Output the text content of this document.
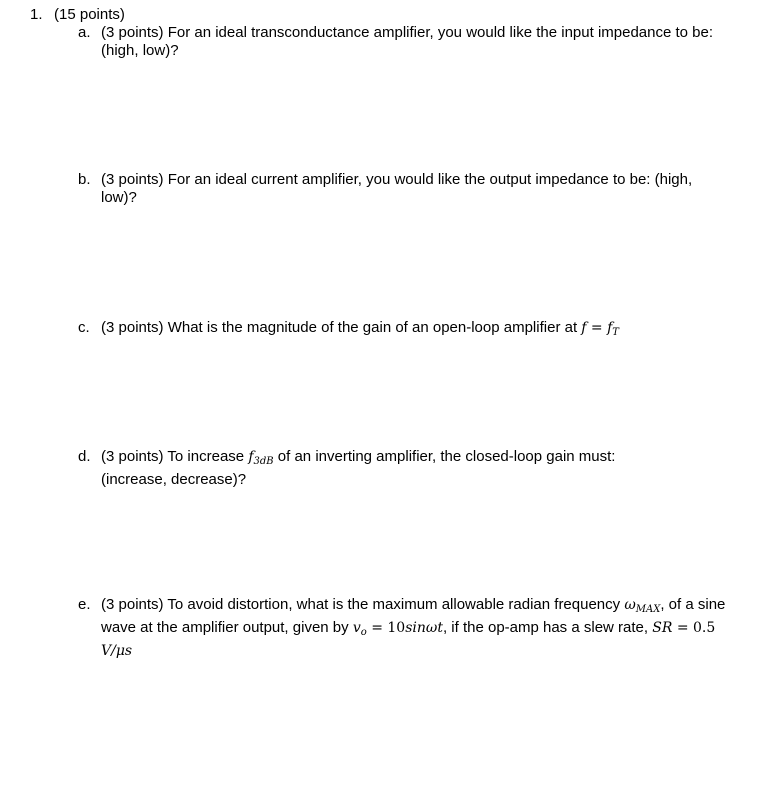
1. (15 points)
a. (3 points) For an ideal transconductance amplifier, you would like the input impedance to be: (high, low)?
b. (3 points) For an ideal current amplifier, you would like the output impedance to be: (high, low)?
c. (3 points) What is the magnitude of the gain of an open-loop amplifier at $f = f_T$
d. (3 points) To increase $f_{3dB}$ of an inverting amplifier, the closed-loop gain must: (increase, decrease)?
e. (3 points) To avoid distortion, what is the maximum allowable radian frequency $\omega_{MAX}$, of a sine wave at the amplifier output, given by $v_o = 10\sin\omega t$, if the op-amp has a slew rate, SR = 0.5 V/μs
